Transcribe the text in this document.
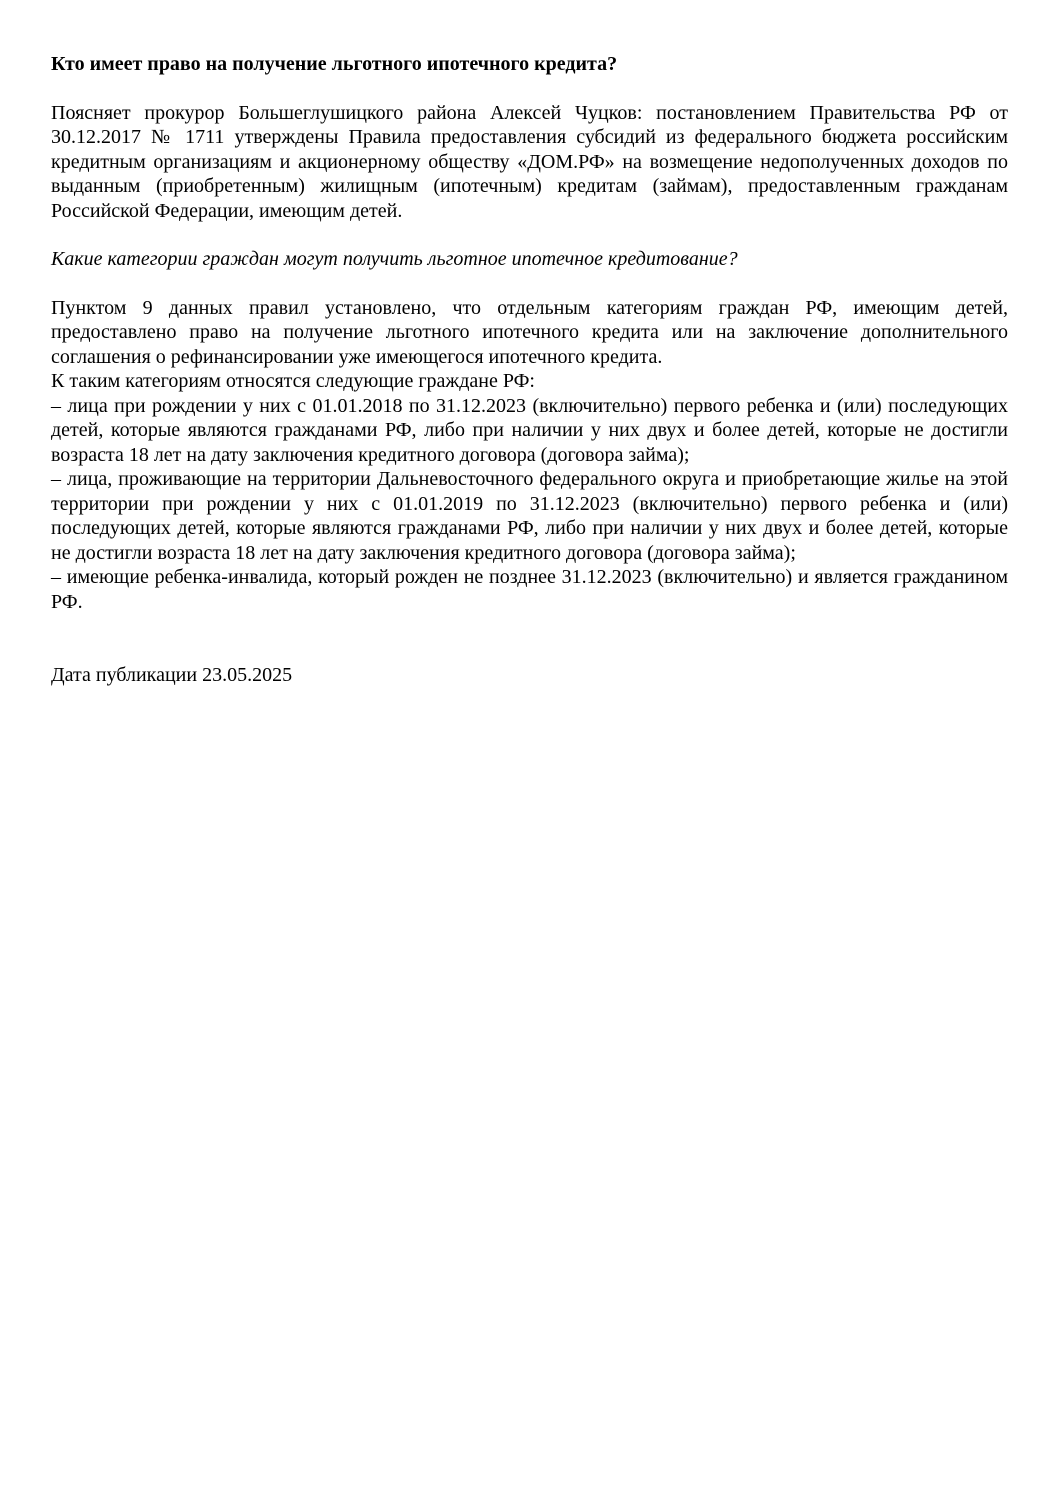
Кто имеет право на получение льготного ипотечного кредита?

Поясняет прокурор Большеглушицкого района Алексей Чуцков: постановлением Правительства РФ от 30.12.2017 № 1711 утверждены Правила предоставления субсидий из федерального бюджета российским кредитным организациям и акционерному обществу «ДОМ.РФ» на возмещение недополученных доходов по выданным (приобретенным) жилищным (ипотечным) кредитам (займам), предоставленным гражданам Российской Федерации, имеющим детей.

Какие категории граждан могут получить льготное ипотечное кредитование?

Пунктом 9 данных правил установлено, что отдельным категориям граждан РФ, имеющим детей, предоставлено право на получение льготного ипотечного кредита или на заключение дополнительного соглашения о рефинансировании уже имеющегося ипотечного кредита.

К таким категориям относятся следующие граждане РФ:

– лица при рождении у них с 01.01.2018 по 31.12.2023 (включительно) первого ребенка и (или) последующих детей, которые являются гражданами РФ, либо при наличии у них двух и более детей, которые не достигли возраста 18 лет на дату заключения кредитного договора (договора займа);

– лица, проживающие на территории Дальневосточного федерального округа и приобретающие жилье на этой территории при рождении у них с 01.01.2019 по 31.12.2023 (включительно) первого ребенка и (или) последующих детей, которые являются гражданами РФ, либо при наличии у них двух и более детей, которые не достигли возраста 18 лет на дату заключения кредитного договора (договора займа);

– имеющие ребенка-инвалида, который рожден не позднее 31.12.2023 (включительно) и является гражданином РФ.

Дата публикации 23.05.2025
